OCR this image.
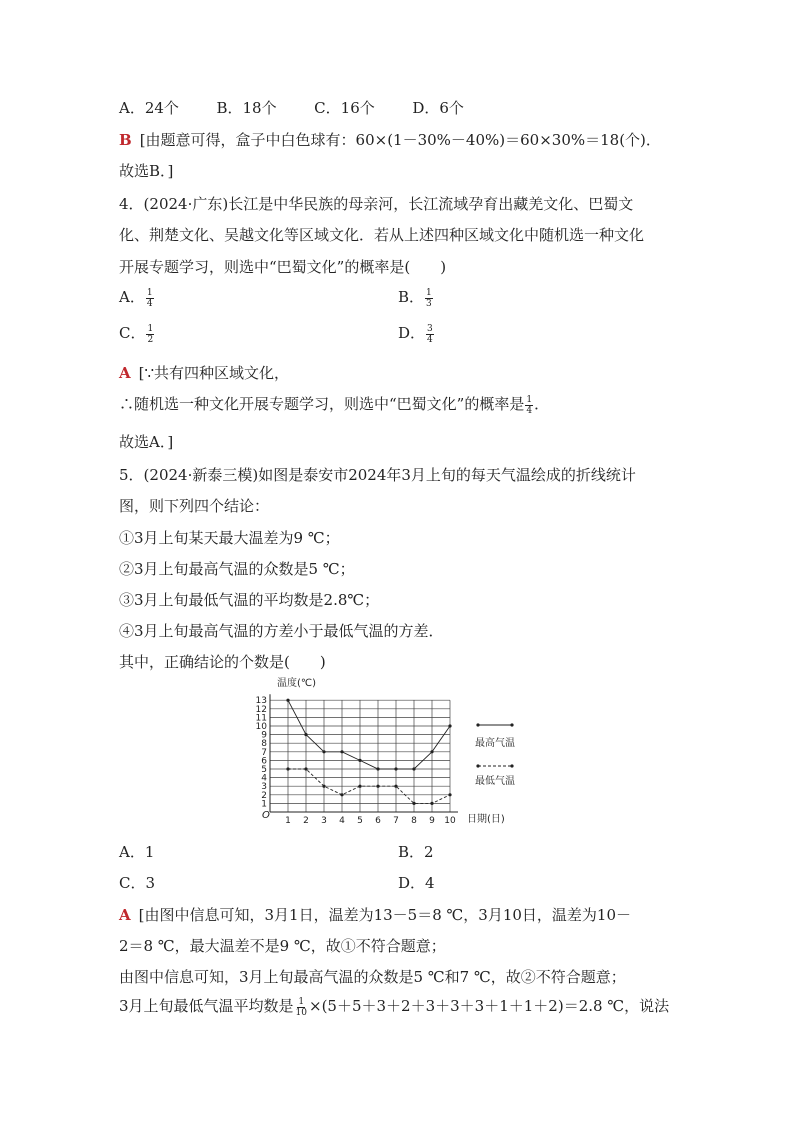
A．24个	B．18个	C．16个	D．6个
B [由题意可得，盒子中白色球有：60×(1－30%－40%)＝60×30%＝18(个)．
故选B．]
4．(2024·广东)长江是中华民族的母亲河，长江流域孕育出藏羌文化、巴蜀文
化、荆楚文化、吴越文化等区域文化．若从上述四种区域文化中随机选一种文化
开展专题学习，则选中“巴蜀文化”的概率是(　　)
A． $\frac{1}{4}$	B． $\frac{1}{3}$
C． $\frac{1}{2}$	D． $\frac{3}{4}$
A [∵共有四种区域文化，
∴随机选一种文化开展专题学习，则选中“巴蜀文化”的概率是 $\frac{1}{4}$ ．
故选A．]
5．(2024·新泰三模)如图是泰安市2024年3月上旬的每天气温绘成的折线统计
图，则下列四个结论：
①3月上旬某天最大温差为9 ℃；
②3月上旬最高气温的众数是5 ℃；
③3月上旬最低气温的平均数是2.8℃；
④3月上旬最高气温的方差小于最低气温的方差．
其中，正确结论的个数是(　　)
1
2
3
4
5
6
7
8
9
10
11
12
13
1 2 3 4 5 6 7 8 9 10
温度(℃)
日期(日)
O
最高气温
最低气温
A．1	B．2
C．3	D．4
A [由图中信息可知，3月1日，温差为13－5＝8 ℃，3月10日，温差为10－
2＝8 ℃，最大温差不是9 ℃，故①不符合题意；
由图中信息可知，3月上旬最高气温的众数是5 ℃和7 ℃，故②不符合题意；
3月上旬最低气温平均数是 $\frac{1}{10} \times(5+5+3+2+3+3+3+1+1+2)=2.8$ ℃，说法
